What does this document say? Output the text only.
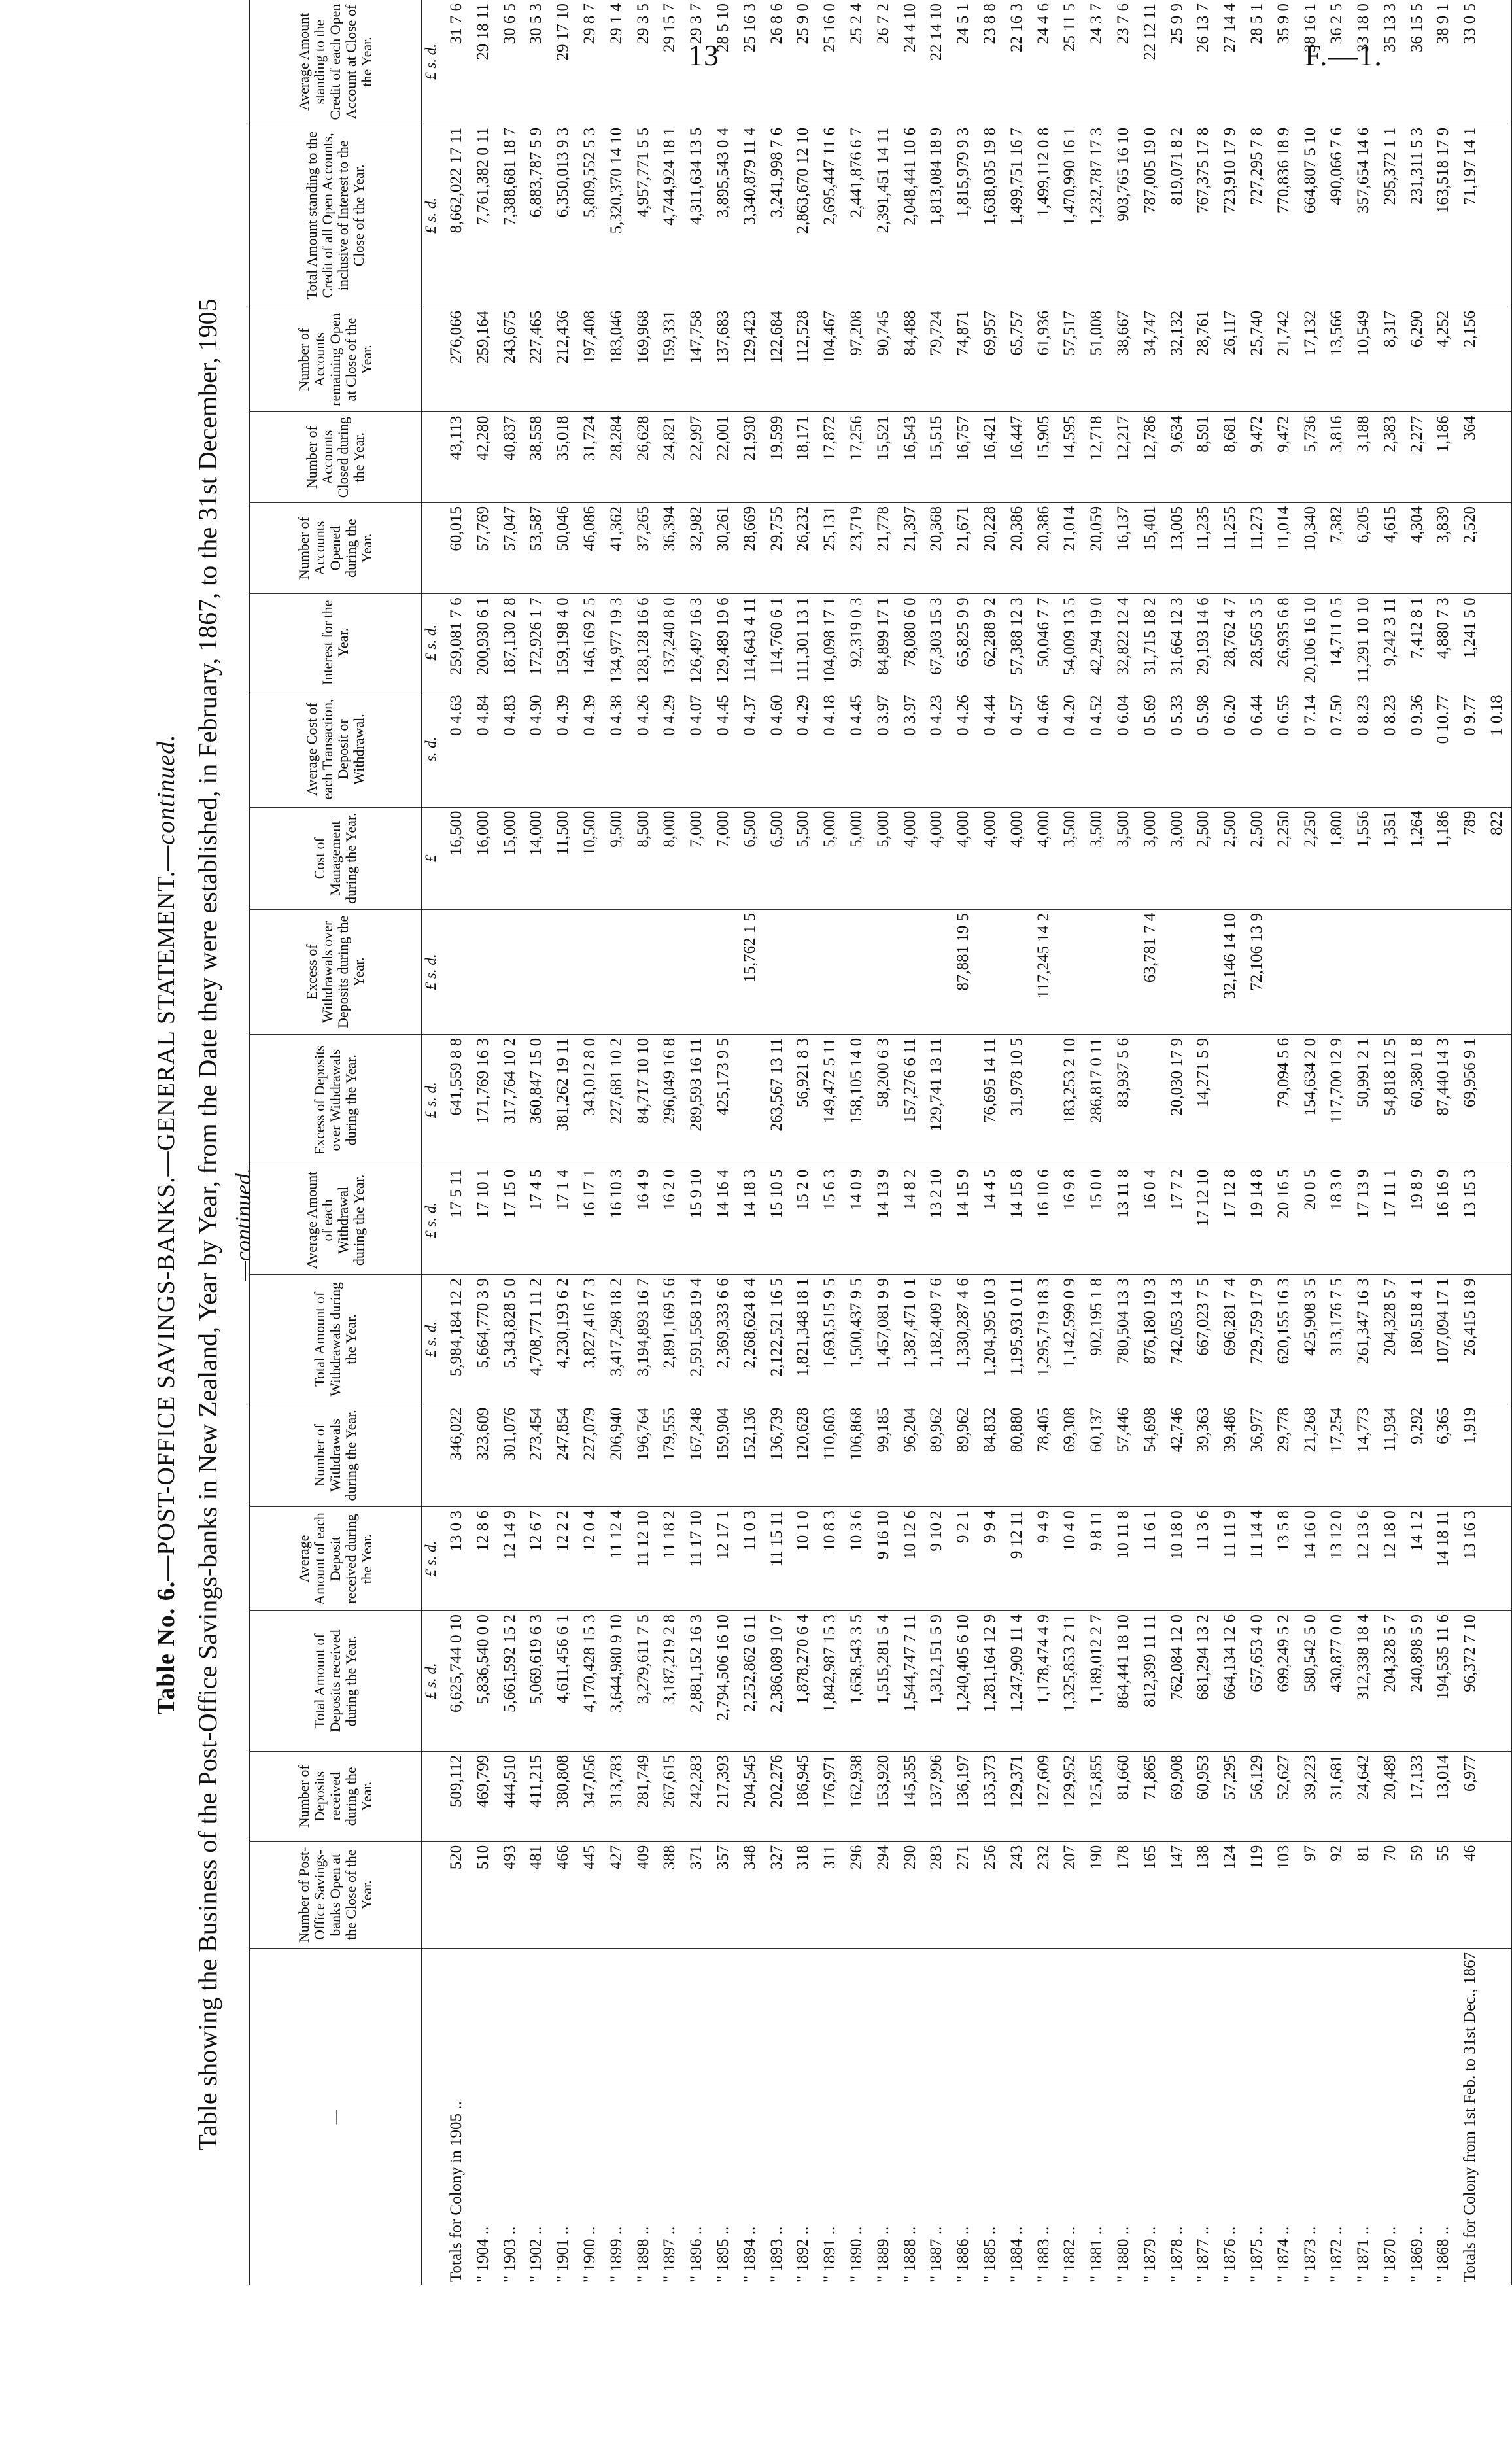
13	F.—1.
Table No. 6.—POST-OFFICE SAVINGS-BANKS.—GENERAL STATEMENT.—continued. Table showing the Business of the Post-Office Savings-banks in New Zealand, Year by Year, from the Date they were established, in February, 1867, to the 31st December, 1905 —continued.
—	Number of Post-Office Savings-banks Open at the Close of the Year.	Number of Deposits received during the Year.	Total Amount of Deposits received during the Year.	Average Amount of each Deposit received during the Year.	Number of Withdrawals during the Year.	Total Amount of Withdrawals during the Year.	Average Amount of each Withdrawal during the Year.	Excess of Deposits over Withdrawals during the Year.	Excess of Withdrawals over Deposits during the Year.	Cost of Management during the Year.	Average Cost of each Transaction, Deposit or Withdrawal.	Interest for the Year.	Number of Accounts Opened during the Year.	Number of Accounts Closed during the Year.	Number of Accounts remaining Open at Close of the Year.	Total Amount standing to the Credit of all Open Accounts, inclusive of Interest to the Close of the Year.	Average Amount standing to the Credit of each Open Account at Close of the Year.
			£ s. d.	£ s. d.		£ s. d.	£ s. d.	£ s. d.	£ s. d.	£	s. d.	£ s. d.				£ s. d.	£ s. d.
Totals for Colony in 1905 ..	520	509,112	6,625,744 0 10	13 0 3	346,022	5,984,184 12 2	17 5 11	641,559 8 8		16,500	0 4.63	259,081 7 6	60,015	43,113	276,066	8,662,022 17 11	31 7 6
" 1904 ..	510	469,799	5,836,540 0 0	12 8 6	323,609	5,664,770 3 9	17 10 1	171,769 16 3		16,000	0 4.84	200,930 6 1	57,769	42,280	259,164	7,761,382 0 11	29 18 11
" 1903 ..	493	444,510	5,661,592 15 2	12 14 9	301,076	5,343,828 5 0	17 15 0	317,764 10 2		15,000	0 4.83	187,130 2 8	57,047	40,837	243,675	7,388,681 18 7	30 6 5
" 1902 ..	481	411,215	5,069,619 6 3	12 6 7	273,454	4,708,771 11 2	17 4 5	360,847 15 0		14,000	0 4.90	172,926 1 7	53,587	38,558	227,465	6,883,787 5 9	30 5 3
" 1901 ..	466	380,808	4,611,456 6 1	12 2 2	247,854	4,230,193 6 2	17 1 4	381,262 19 11		11,500	0 4.39	159,198 4 0	50,046	35,018	212,436	6,350,013 9 3	29 17 10
" 1900 ..	445	347,056	4,170,428 15 3	12 0 4	227,079	3,827,416 7 3	16 17 1	343,012 8 0		10,500	0 4.39	146,169 2 5	46,086	31,724	197,408	5,809,552 5 3	29 8 7
" 1899 ..	427	313,783	3,644,980 9 10	11 12 4	206,940	3,417,298 18 2	16 10 3	227,681 10 2		9,500	0 4.38	134,977 19 3	41,362	28,284	183,046	5,320,370 14 10	29 1 4
" 1898 ..	409	281,749	3,279,611 7 5	11 12 10	196,764	3,194,893 16 7	16 4 9	84,717 10 10		8,500	0 4.26	128,128 16 6	37,265	26,628	169,968	4,957,771 5 5	29 3 5
" 1897 ..	388	267,615	3,187,219 2 8	11 18 2	179,555	2,891,169 5 6	16 2 0	296,049 16 8		8,000	0 4.29	137,240 8 0	36,394	24,821	159,331	4,744,924 18 1	29 15 7
" 1896 ..	371	242,283	2,881,152 16 3	11 17 10	167,248	2,591,558 19 4	15 9 10	289,593 16 11		7,000	0 4.07	126,497 16 3	32,982	22,997	147,758	4,311,634 13 5	29 3 7
" 1895 ..	357	217,393	2,794,506 16 10	12 17 1	159,904	2,369,333 6 6	14 16 4	425,173 9 5		7,000	0 4.45	129,489 19 6	30,261	22,001	137,683	3,895,543 0 4	28 5 10
" 1894 ..	348	204,545	2,252,862 6 11	11 0 3	152,136	2,268,624 8 4	14 18 3		15,762 1 5	6,500	0 4.37	114,643 4 11	28,669	21,930	129,423	3,340,879 11 4	25 16 3
" 1893 ..	327	202,276	2,386,089 10 7	11 15 11	136,739	2,122,521 16 5	15 10 5	263,567 13 11		6,500	0 4.60	114,760 6 1	29,755	19,599	122,684	3,241,998 7 6	26 8 6
" 1892 ..	318	186,945	1,878,270 6 4	10 1 0	120,628	1,821,348 18 1	15 2 0	56,921 8 3		5,500	0 4.29	111,301 13 1	26,232	18,171	112,528	2,863,670 12 10	25 9 0
" 1891 ..	311	176,971	1,842,987 15 3	10 8 3	110,603	1,693,515 9 5	15 6 3	149,472 5 11		5,000	0 4.18	104,098 17 1	25,131	17,872	104,467	2,695,447 11 6	25 16 0
" 1890 ..	296	162,938	1,658,543 3 5	10 3 6	106,868	1,500,437 9 5	14 0 9	158,105 14 0		5,000	0 4.45	92,319 0 3	23,719	17,256	97,208	2,441,876 6 7	25 2 4
" 1889 ..	294	153,920	1,515,281 5 4	9 16 10	99,185	1,457,081 9 9	14 13 9	58,200 6 3		5,000	0 3.97	84,899 17 1	21,778	15,521	90,745	2,391,451 14 11	26 7 2
" 1888 ..	290	145,355	1,544,747 7 11	10 12 6	96,204	1,387,471 0 1	14 8 2	157,276 6 11		4,000	0 3.97	78,080 6 0	21,397	16,543	84,488	2,048,441 10 6	24 4 10
" 1887 ..	283	137,996	1,312,151 5 9	9 10 2	89,962	1,182,409 7 6	13 2 10	129,741 13 11		4,000	0 4.23	67,303 15 3	20,368	15,515	79,724	1,813,084 18 9	22 14 10
" 1886 ..	271	136,197	1,240,405 6 10	9 2 1	89,962	1,330,287 4 6	14 15 9		87,881 19 5	4,000	0 4.26	65,825 9 9	21,671	16,757	74,871	1,815,979 9 3	24 5 1
" 1885 ..	256	135,373	1,281,164 12 9	9 9 4	84,832	1,204,395 10 3	14 4 5	76,695 14 11		4,000	0 4.44	62,288 9 2	20,228	16,421	69,957	1,638,035 19 8	23 8 8
" 1884 ..	243	129,371	1,247,909 11 4	9 12 11	80,880	1,195,931 0 11	14 15 8	31,978 10 5		4,000	0 4.57	57,388 12 3	20,386	16,447	65,757	1,499,751 16 7	22 16 3
" 1883 ..	232	127,609	1,178,474 4 9	9 4 9	78,405	1,295,719 18 3	16 10 6		117,245 14 2	4,000	0 4.66	50,046 7 7	20,386	15,905	61,936	1,499,112 0 8	24 4 6
" 1882 ..	207	129,952	1,325,853 2 11	10 4 0	69,308	1,142,599 0 9	16 9 8	183,253 2 10		3,500	0 4.20	54,009 13 5	21,014	14,595	57,517	1,470,990 16 1	25 11 5
" 1881 ..	190	125,855	1,189,012 2 7	9 8 11	60,137	902,195 1 8	15 0 0	286,817 0 11		3,500	0 4.52	42,294 19 0	20,059	12,718	51,008	1,232,787 17 3	24 3 7
" 1880 ..	178	81,660	864,441 18 10	10 11 8	57,446	780,504 13 3	13 11 8	83,937 5 6		3,500	0 6.04	32,822 12 4	16,137	12,217	38,667	903,765 16 10	23 7 6
" 1879 ..	165	71,865	812,399 11 11	11 6 1	54,698	876,180 19 3	16 0 4		63,781 7 4	3,000	0 5.69	31,715 18 2	15,401	12,786	34,747	787,005 19 0	22 12 11
" 1878 ..	147	69,908	762,084 12 0	10 18 0	42,746	742,053 14 3	17 7 2	20,030 17 9		3,000	0 5.33	31,664 12 3	13,005	9,634	32,132	819,071 8 2	25 9 9
" 1877 ..	138	60,953	681,294 13 2	11 3 6	39,363	667,023 7 5	17 12 10	14,271 5 9		2,500	0 5.98	29,193 14 6	11,235	8,591	28,761	767,375 17 8	26 13 7
" 1876 ..	124	57,295	664,134 12 6	11 11 9	39,486	696,281 7 4	17 12 8		32,146 14 10	2,500	0 6.20	28,762 4 7	11,255	8,681	26,117	723,910 17 9	27 14 4
" 1875 ..	119	56,129	657,653 4 0	11 14 4	36,977	729,759 17 9	19 14 8		72,106 13 9	2,500	0 6.44	28,565 3 5	11,273	9,472	25,740	727,295 7 8	28 5 1
" 1874 ..	103	52,627	699,249 5 2	13 5 8	29,778	620,155 16 3	20 16 5	79,094 5 6		2,250	0 6.55	26,935 6 8	11,014	9,472	21,742	770,836 18 9	35 9 0
" 1873 ..	97	39,223	580,542 5 0	14 16 0	21,268	425,908 3 5	20 0 5	154,634 2 0		2,250	0 7.14	20,106 16 10	10,340	5,736	17,132	664,807 5 10	38 16 1
" 1872 ..	92	31,681	430,877 0 0	13 12 0	17,254	313,176 7 5	18 3 0	117,700 12 9		1,800	0 7.50	14,711 0 5	7,382	3,816	13,566	490,066 7 6	36 2 5
" 1871 ..	81	24,642	312,338 18 4	12 13 6	14,773	261,347 16 3	17 13 9	50,991 2 1		1,556	0 8.23	11,291 10 10	6,205	3,188	10,549	357,654 14 6	33 18 0
" 1870 ..	70	20,489	204,328 5 7	12 18 0	11,934	204,328 5 7	17 11 1	54,818 12 5		1,351	0 8.23	9,242 3 11	4,615	2,383	8,317	295,372 1 1	35 13 3
" 1869 ..	59	17,133	240,898 5 9	14 1 2	9,292	180,518 4 1	19 8 9	60,380 1 8		1,264	0 9.36	7,412 8 1	4,304	2,277	6,290	231,311 5 3	36 15 5
" 1868 ..	55	13,014	194,535 11 6	14 18 11	6,365	107,094 17 1	16 16 9	87,440 14 3		1,186	0 10.77	4,880 7 3	3,839	1,186	4,252	163,518 17 9	38 9 1
Totals for Colony from 1st Feb. to 31st Dec., 1867	46	6,977	96,372 7 10	13 16 3	1,919	26,415 18 9	13 15 3	69,956 9 1		789	0 9.77	1,241 5 0	2,520	364	2,156	71,197 14 1	33 0 5
										822	1 0.18						
